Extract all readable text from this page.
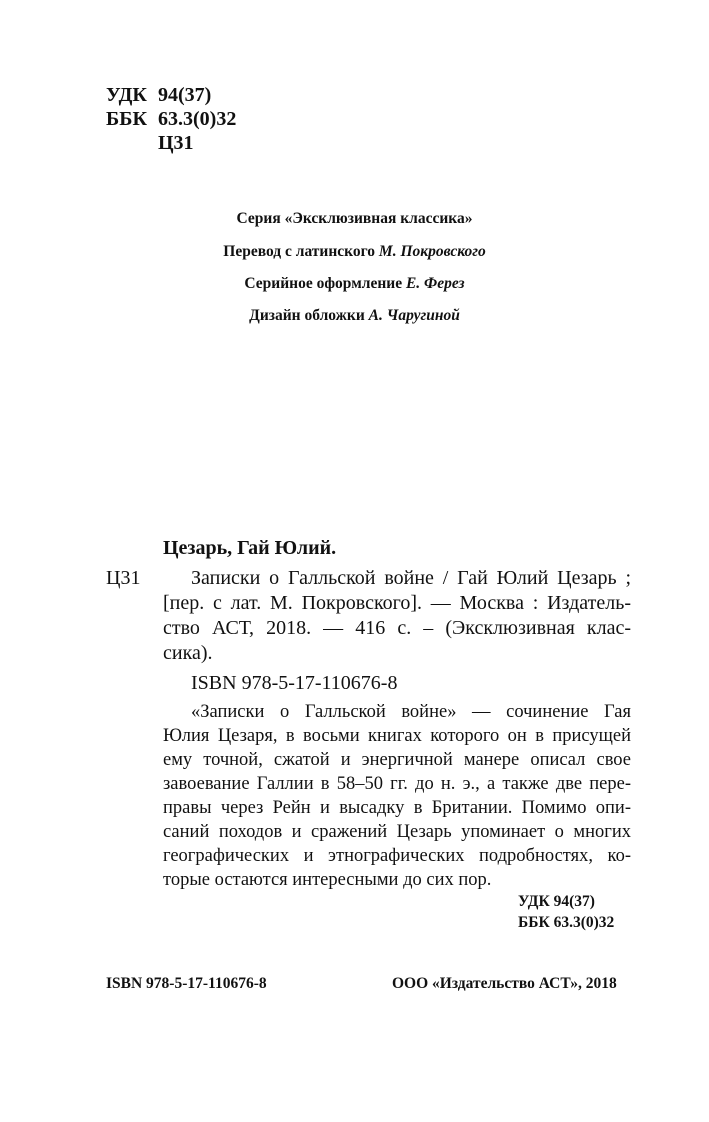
УДК 94(37)
ББК 63.3(0)32
Ц31
Серия «Эксклюзивная классика»
Перевод с латинского М. Покровского
Серийное оформление Е. Ферез
Дизайн обложки А. Чаругиной
Цезарь, Гай Юлий.
Ц31	Записки о Галльской войне / Гай Юлий Цезарь ;
[пер. с лат. М. Покровского]. — Москва : Издатель-
ство АСТ, 2018. — 416 с. – (Эксклюзивная клас-
сика).
ISBN 978-5-17-110676-8
«Записки о Галльской войне» — сочинение Гая
Юлия Цезаря, в восьми книгах которого он в присущей
ему точной, сжатой и энергичной манере описал свое
завоевание Галлии в 58–50 гг. до н. э., а также две пере-
правы через Рейн и высадку в Британии. Помимо опи-
саний походов и сражений Цезарь упоминает о многих
географических и этнографических подробностях, ко-
торые остаются интересными до сих пор.
УДК 94(37)
ББК 63.3(0)32
ISBN 978-5-17-110676-8	ООО «Издательство АСТ», 2018
